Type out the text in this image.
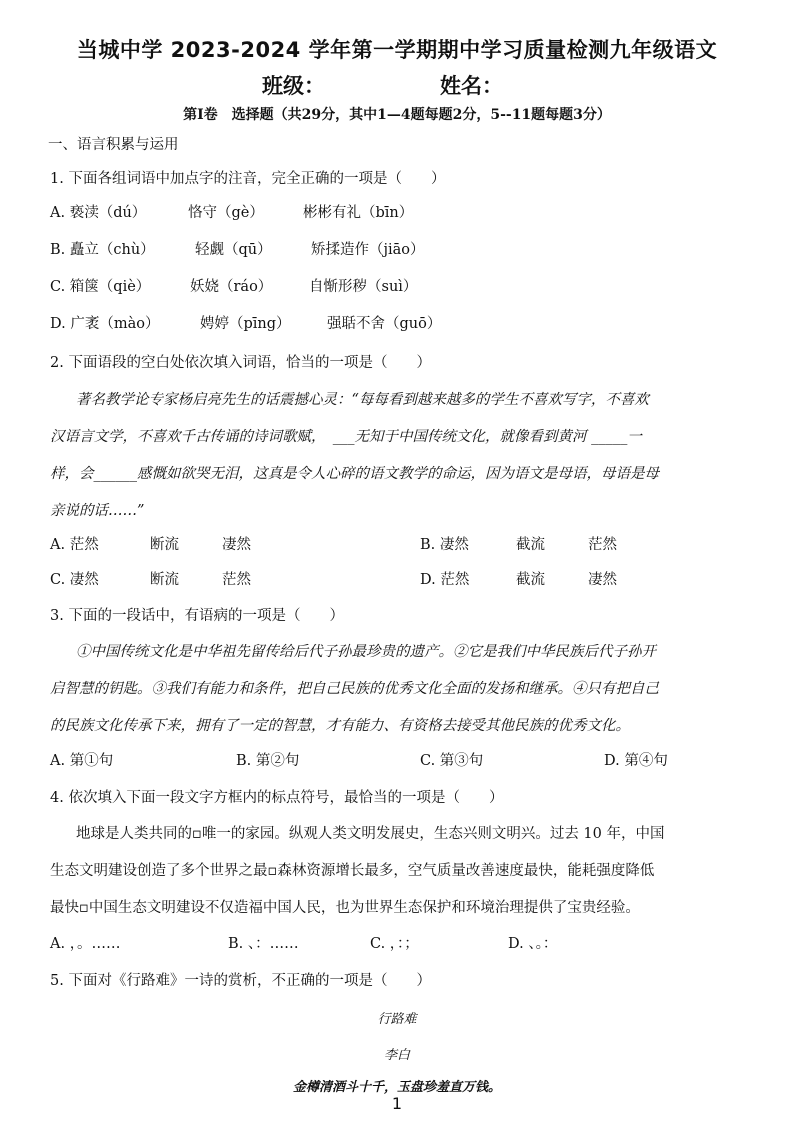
当城中学 2023-2024 学年第一学期期中学习质量检测九年级语文
班级：	姓名：
第Ⅰ卷　选择题（共29分，其中1—4题每题2分，5--11题每题3分）
一、语言积累与运用
1. 下面各组词语中加点字的注音，完全正确的一项是（　　）
A. 亵渎（dú）	恪守（gè）	彬彬有礼（bīn）
B. 矗立（chù）	轻觑（qū）	矫揉造作（jiāo）
C. 箱箧（qiè）	妖娆（ráo）	自惭形秽（suì）
D. 广袤（mào）	娉婷（pīng）	强聒不舍（guō）
2. 下面语段的空白处依次填入词语，恰当的一项是（　　）
著名教学论专家杨启亮先生的话震撼心灵：“每每看到越来越多的学生不喜欢写字，不喜欢
汉语言文学，不喜欢千古传诵的诗词歌赋，　___无知于中国传统文化，就像看到黄河 _____一
样，会______感慨如欲哭无泪，这真是令人心碎的语文教学的命运，因为语文是母语，母语是母
亲说的话……”
A. 茫然	断流	凄然	B. 凄然	截流	茫然
C. 凄然	断流	茫然	D. 茫然	截流	凄然
3. 下面的一段话中，有语病的一项是（　　）
①中国传统文化是中华祖先留传给后代子孙最珍贵的遗产。②它是我们中华民族后代子孙开
启智慧的钥匙。③我们有能力和条件，把自己民族的优秀文化全面的发扬和继承。④只有把自己
的民族文化传承下来，拥有了一定的智慧，才有能力、有资格去接受其他民族的优秀文化。
A. 第①句	B. 第②句	C. 第③句	D. 第④句
4. 依次填入下面一段文字方框内的标点符号，最恰当的一项是（　　）
地球是人类共同的▫唯一的家园。纵观人类文明发展史，生态兴则文明兴。过去 10 年，中国
生态文明建设创造了多个世界之最▫森林资源增长最多，空气质量改善速度最快，能耗强度降低
最快▫中国生态文明建设不仅造福中国人民，也为世界生态保护和环境治理提供了宝贵经验。
A. ，。……	B. 、：……	C. ，：；	D. 、。：
5. 下面对《行路难》一诗的赏析，不正确的一项是（　　）
行路难
李白
金樽清酒斗十千，玉盘珍羞直万钱。
1
